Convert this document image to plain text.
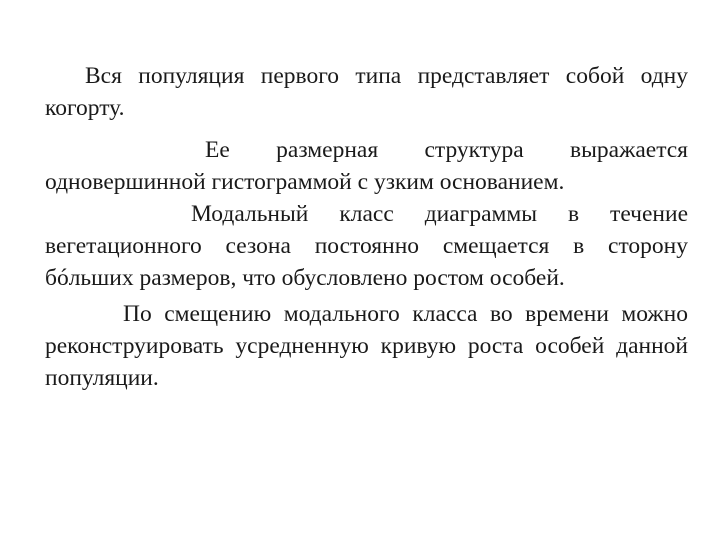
Вся популяция первого типа представляет собой одну когорту.

Ее размерная структура выражается одновершинной гистограммой с узким основанием.

Модальный класс диаграммы в течение вегетационного сезона постоянно смещается в сторону бóльших размеров, что обусловлено ростом особей.

По смещению модального класса во времени можно реконструировать усредненную кривую роста особей данной популяции.
